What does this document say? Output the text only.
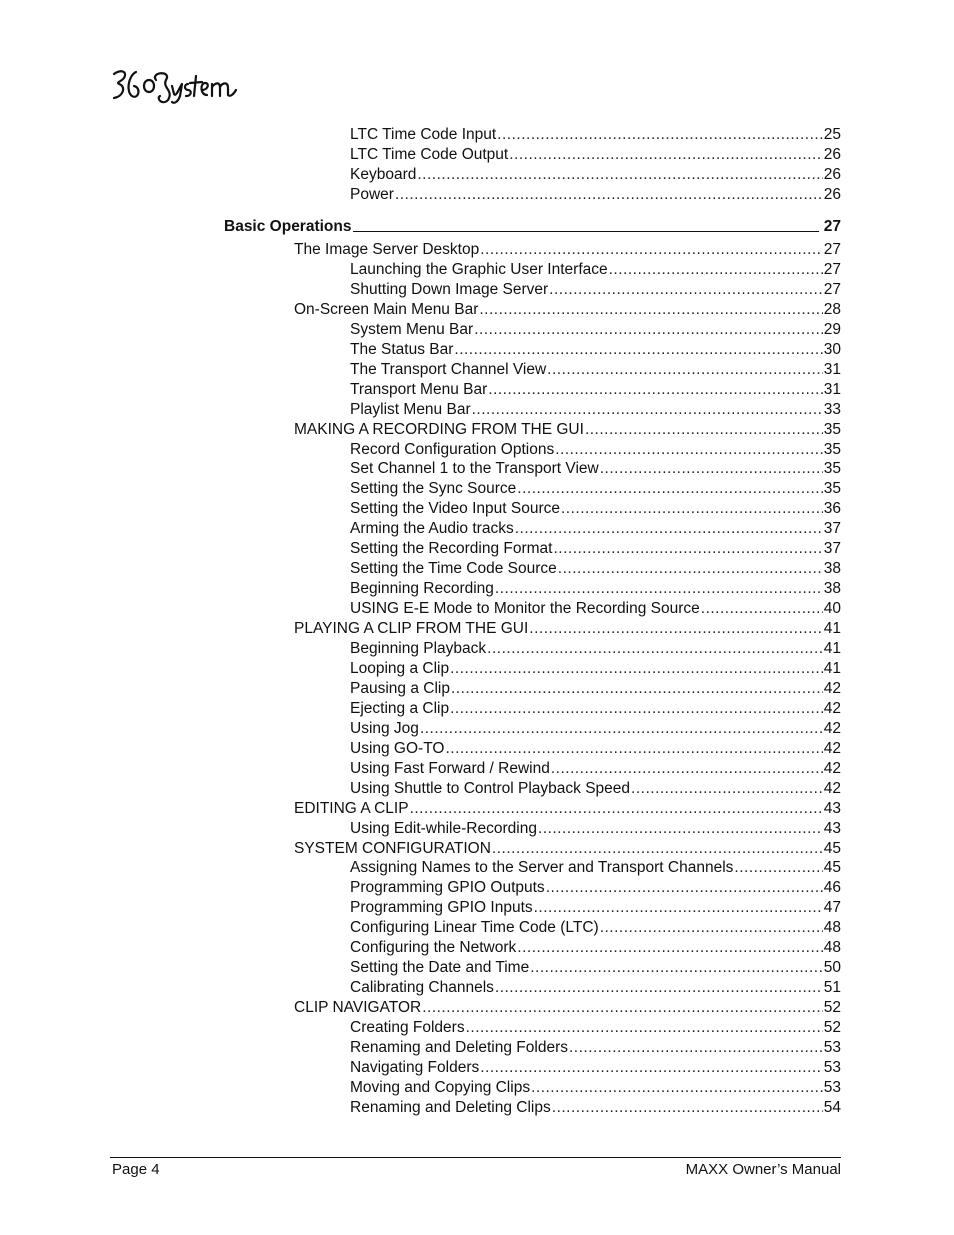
LTC Time Code Input .....	25
LTC Time Code Output .....	26
Keyboard .....	26
Power .....	26
Basic Operations	27
The Image Server Desktop .....	27
Launching the Graphic User Interface .....	27
Shutting Down Image Server .....	27
On-Screen Main Menu Bar .....	28
System Menu Bar .....	29
The Status Bar .....	30
The Transport Channel View .....	31
Transport Menu Bar .....	31
Playlist Menu Bar .....	33
MAKING A RECORDING FROM THE GUI .....	35
Record Configuration Options .....	35
Set Channel 1 to the Transport View .....	35
Setting the Sync Source .....	35
Setting the Video Input Source .....	36
Arming the Audio tracks .....	37
Setting the Recording Format .....	37
Setting the Time Code Source .....	38
Beginning Recording .....	38
USING E-E Mode to Monitor the Recording Source .....	40
PLAYING A CLIP FROM THE GUI .....	41
Beginning Playback .....	41
Looping a Clip .....	41
Pausing a Clip .....	42
Ejecting a Clip .....	42
Using Jog .....	42
Using GO-TO .....	42
Using Fast Forward / Rewind .....	42
Using Shuttle to Control Playback Speed .....	42
EDITING A CLIP .....	43
Using Edit-while-Recording .....	43
SYSTEM CONFIGURATION .....	45
Assigning Names to the Server and Transport Channels .....	45
Programming GPIO Outputs .....	46
Programming GPIO Inputs .....	47
Configuring Linear Time Code (LTC) .....	48
Configuring the Network .....	48
Setting the Date and Time .....	50
Calibrating Channels .....	51
CLIP NAVIGATOR .....	52
Creating Folders .....	52
Renaming and Deleting Folders .....	53
Navigating Folders .....	53
Moving and Copying Clips .....	53
Renaming and Deleting Clips .....	54
Page 4	MAXX Owner’s Manual
